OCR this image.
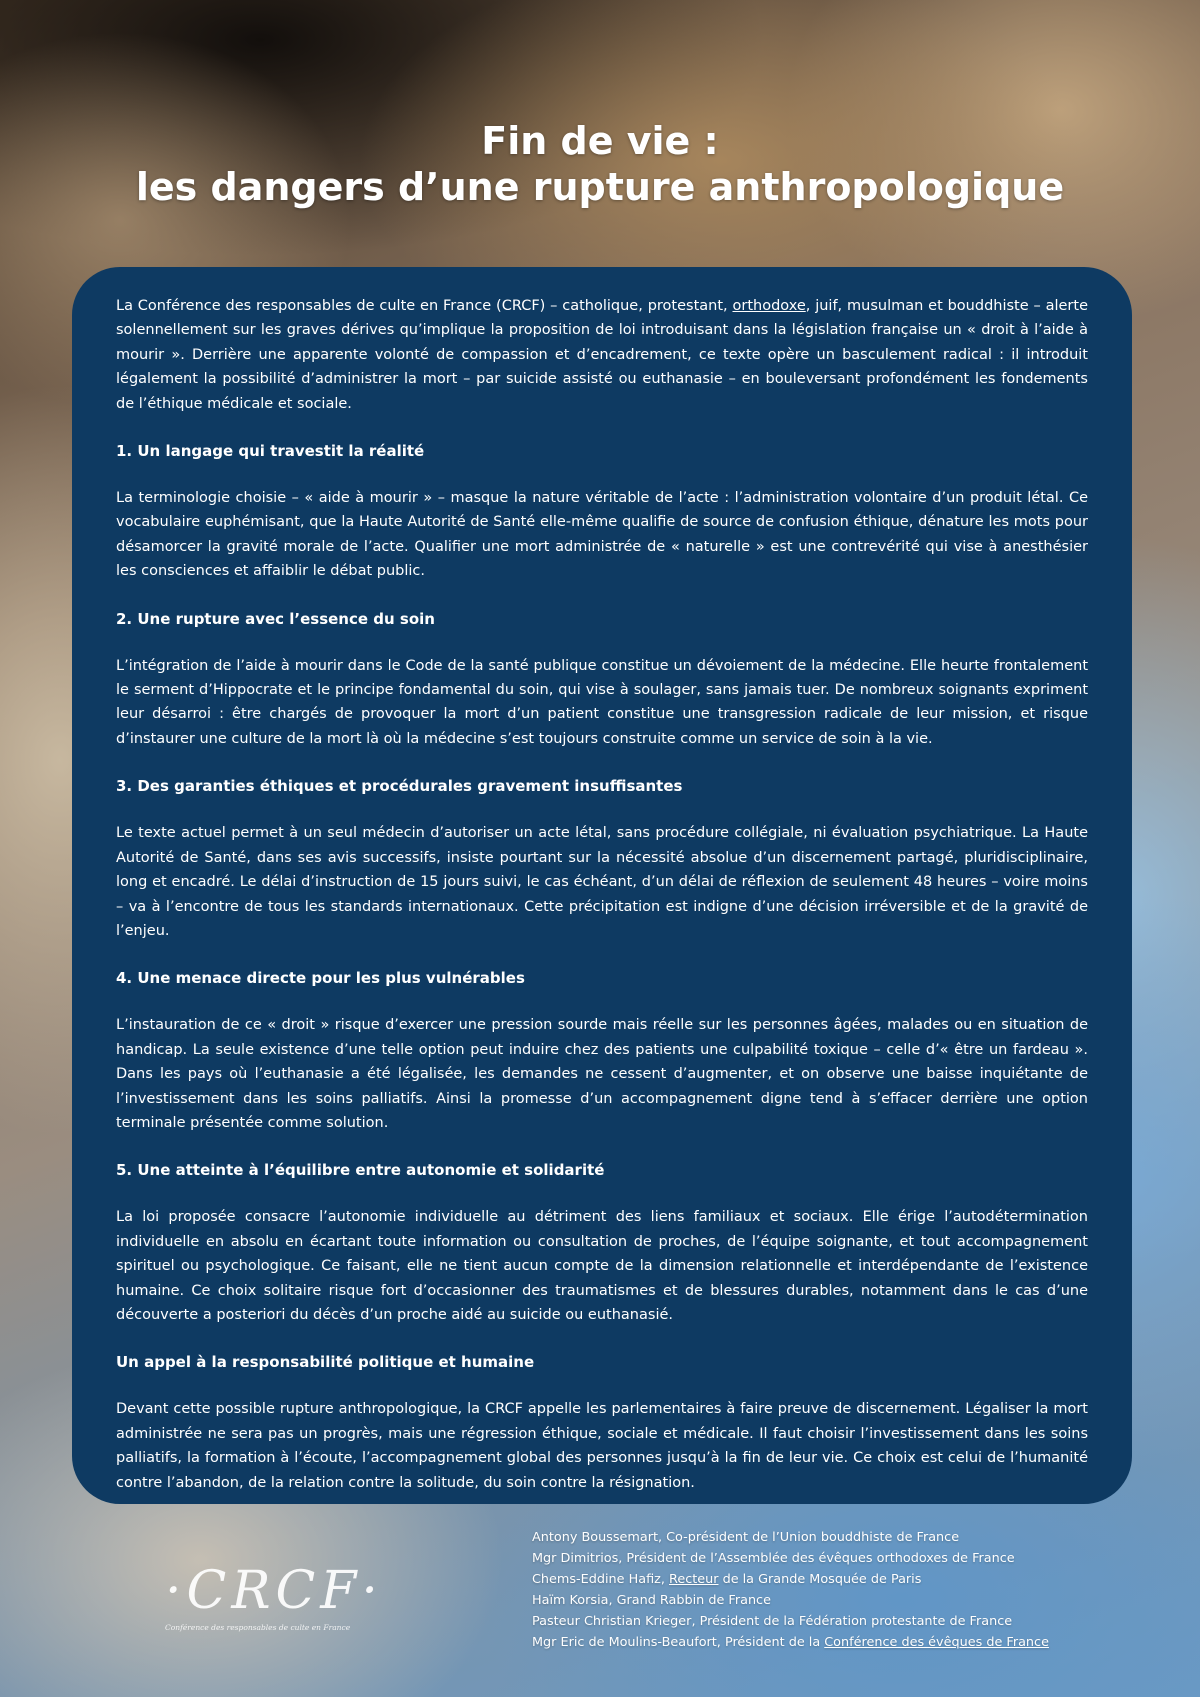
Fin de vie :
les dangers d’une rupture anthropologique

La Conférence des responsables de culte en France (CRCF) – catholique, protestant, orthodoxe, juif, musulman et bouddhiste – alerte solennellement sur les graves dérives qu’implique la proposition de loi introduisant dans la législation française un « droit à l’aide à mourir ». Derrière une apparente volonté de compassion et d’encadrement, ce texte opère un basculement radical : il introduit légalement la possibilité d’administrer la mort – par suicide assisté ou euthanasie – en bouleversant profondément les fondements de l’éthique médicale et sociale.

1. Un langage qui travestit la réalité

La terminologie choisie – « aide à mourir » – masque la nature véritable de l’acte : l’administration volontaire d’un produit létal. Ce vocabulaire euphémisant, que la Haute Autorité de Santé elle-même qualifie de source de confusion éthique, dénature les mots pour désamorcer la gravité morale de l’acte. Qualifier une mort administrée de « naturelle » est une contrevérité qui vise à anesthésier les consciences et affaiblir le débat public.

2. Une rupture avec l’essence du soin

L’intégration de l’aide à mourir dans le Code de la santé publique constitue un dévoiement de la médecine. Elle heurte frontalement le serment d’Hippocrate et le principe fondamental du soin, qui vise à soulager, sans jamais tuer. De nombreux soignants expriment leur désarroi : être chargés de provoquer la mort d’un patient constitue une transgression radicale de leur mission, et risque d’instaurer une culture de la mort là où la médecine s’est toujours construite comme un service de soin à la vie.

3. Des garanties éthiques et procédurales gravement insuffisantes

Le texte actuel permet à un seul médecin d’autoriser un acte létal, sans procédure collégiale, ni évaluation psychiatrique. La Haute Autorité de Santé, dans ses avis successifs, insiste pourtant sur la nécessité absolue d’un discernement partagé, pluridisciplinaire, long et encadré. Le délai d’instruction de 15 jours suivi, le cas échéant, d’un délai de réflexion de seulement 48 heures – voire moins – va à l’encontre de tous les standards internationaux. Cette précipitation est indigne d’une décision irréversible et de la gravité de l’enjeu.

4. Une menace directe pour les plus vulnérables

L’instauration de ce « droit » risque d’exercer une pression sourde mais réelle sur les personnes âgées, malades ou en situation de handicap. La seule existence d’une telle option peut induire chez des patients une culpabilité toxique – celle d’« être un fardeau ». Dans les pays où l’euthanasie a été légalisée, les demandes ne cessent d’augmenter, et on observe une baisse inquiétante de l’investissement dans les soins palliatifs. Ainsi la promesse d’un accompagnement digne tend à s’effacer derrière une option terminale présentée comme solution.

5. Une atteinte à l’équilibre entre autonomie et solidarité

La loi proposée consacre l’autonomie individuelle au détriment des liens familiaux et sociaux. Elle érige l’autodétermination individuelle en absolu en écartant toute information ou consultation de proches, de l’équipe soignante, et tout accompagnement spirituel ou psychologique. Ce faisant, elle ne tient aucun compte de la dimension relationnelle et interdépendante de l’existence humaine. Ce choix solitaire risque fort d’occasionner des traumatismes et de blessures durables, notamment dans le cas d’une découverte a posteriori du décès d’un proche aidé au suicide ou euthanasié.

Un appel à la responsabilité politique et humaine

Devant cette possible rupture anthropologique, la CRCF appelle les parlementaires à faire preuve de discernement. Légaliser la mort administrée ne sera pas un progrès, mais une régression éthique, sociale et médicale. Il faut choisir l’investissement dans les soins palliatifs, la formation à l’écoute, l’accompagnement global des personnes jusqu’à la fin de leur vie. Ce choix est celui de l’humanité contre l’abandon, de la relation contre la solitude, du soin contre la résignation.

·CRCF·
Conférence des responsables de culte en France
Antony Boussemart, Co-président de l’Union bouddhiste de France
Mgr Dimitrios, Président de l’Assemblée des évêques orthodoxes de France
Chems-Eddine Hafiz, Recteur de la Grande Mosquée de Paris
Haïm Korsia, Grand Rabbin de France
Pasteur Christian Krieger, Président de la Fédération protestante de France
Mgr Eric de Moulins-Beaufort, Président de la Conférence des évêques de France
